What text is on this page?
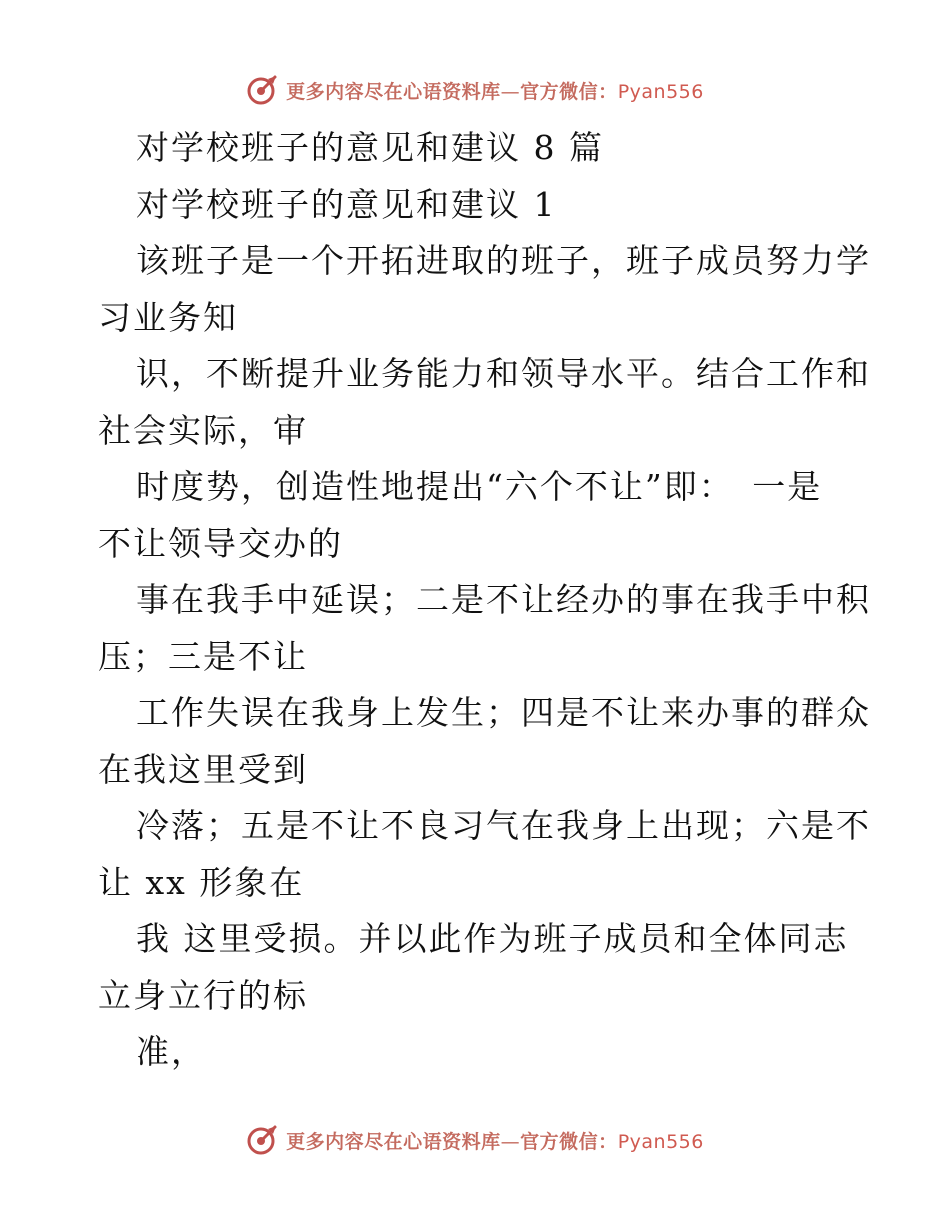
更多内容尽在心语资料库—官方微信：Pyan556
对学校班子的意见和建议 8 篇
对学校班子的意见和建议 1
该班子是一个开拓进取的班子，班子成员努力学
习业务知
识，不断提升业务能力和领导水平。结合工作和
社会实际，审
时度势，创造性地提出“六个不让”即：　一是
不让领导交办的
事在我手中延误；二是不让经办的事在我手中积
压；三是不让
工作失误在我身上发生；四是不让来办事的群众
在我这里受到
冷落；五是不让不良习气在我身上出现；六是不
让 xx 形象在
我 这里受损。并以此作为班子成员和全体同志
立身立行的标
准，
更多内容尽在心语资料库—官方微信：Pyan556
